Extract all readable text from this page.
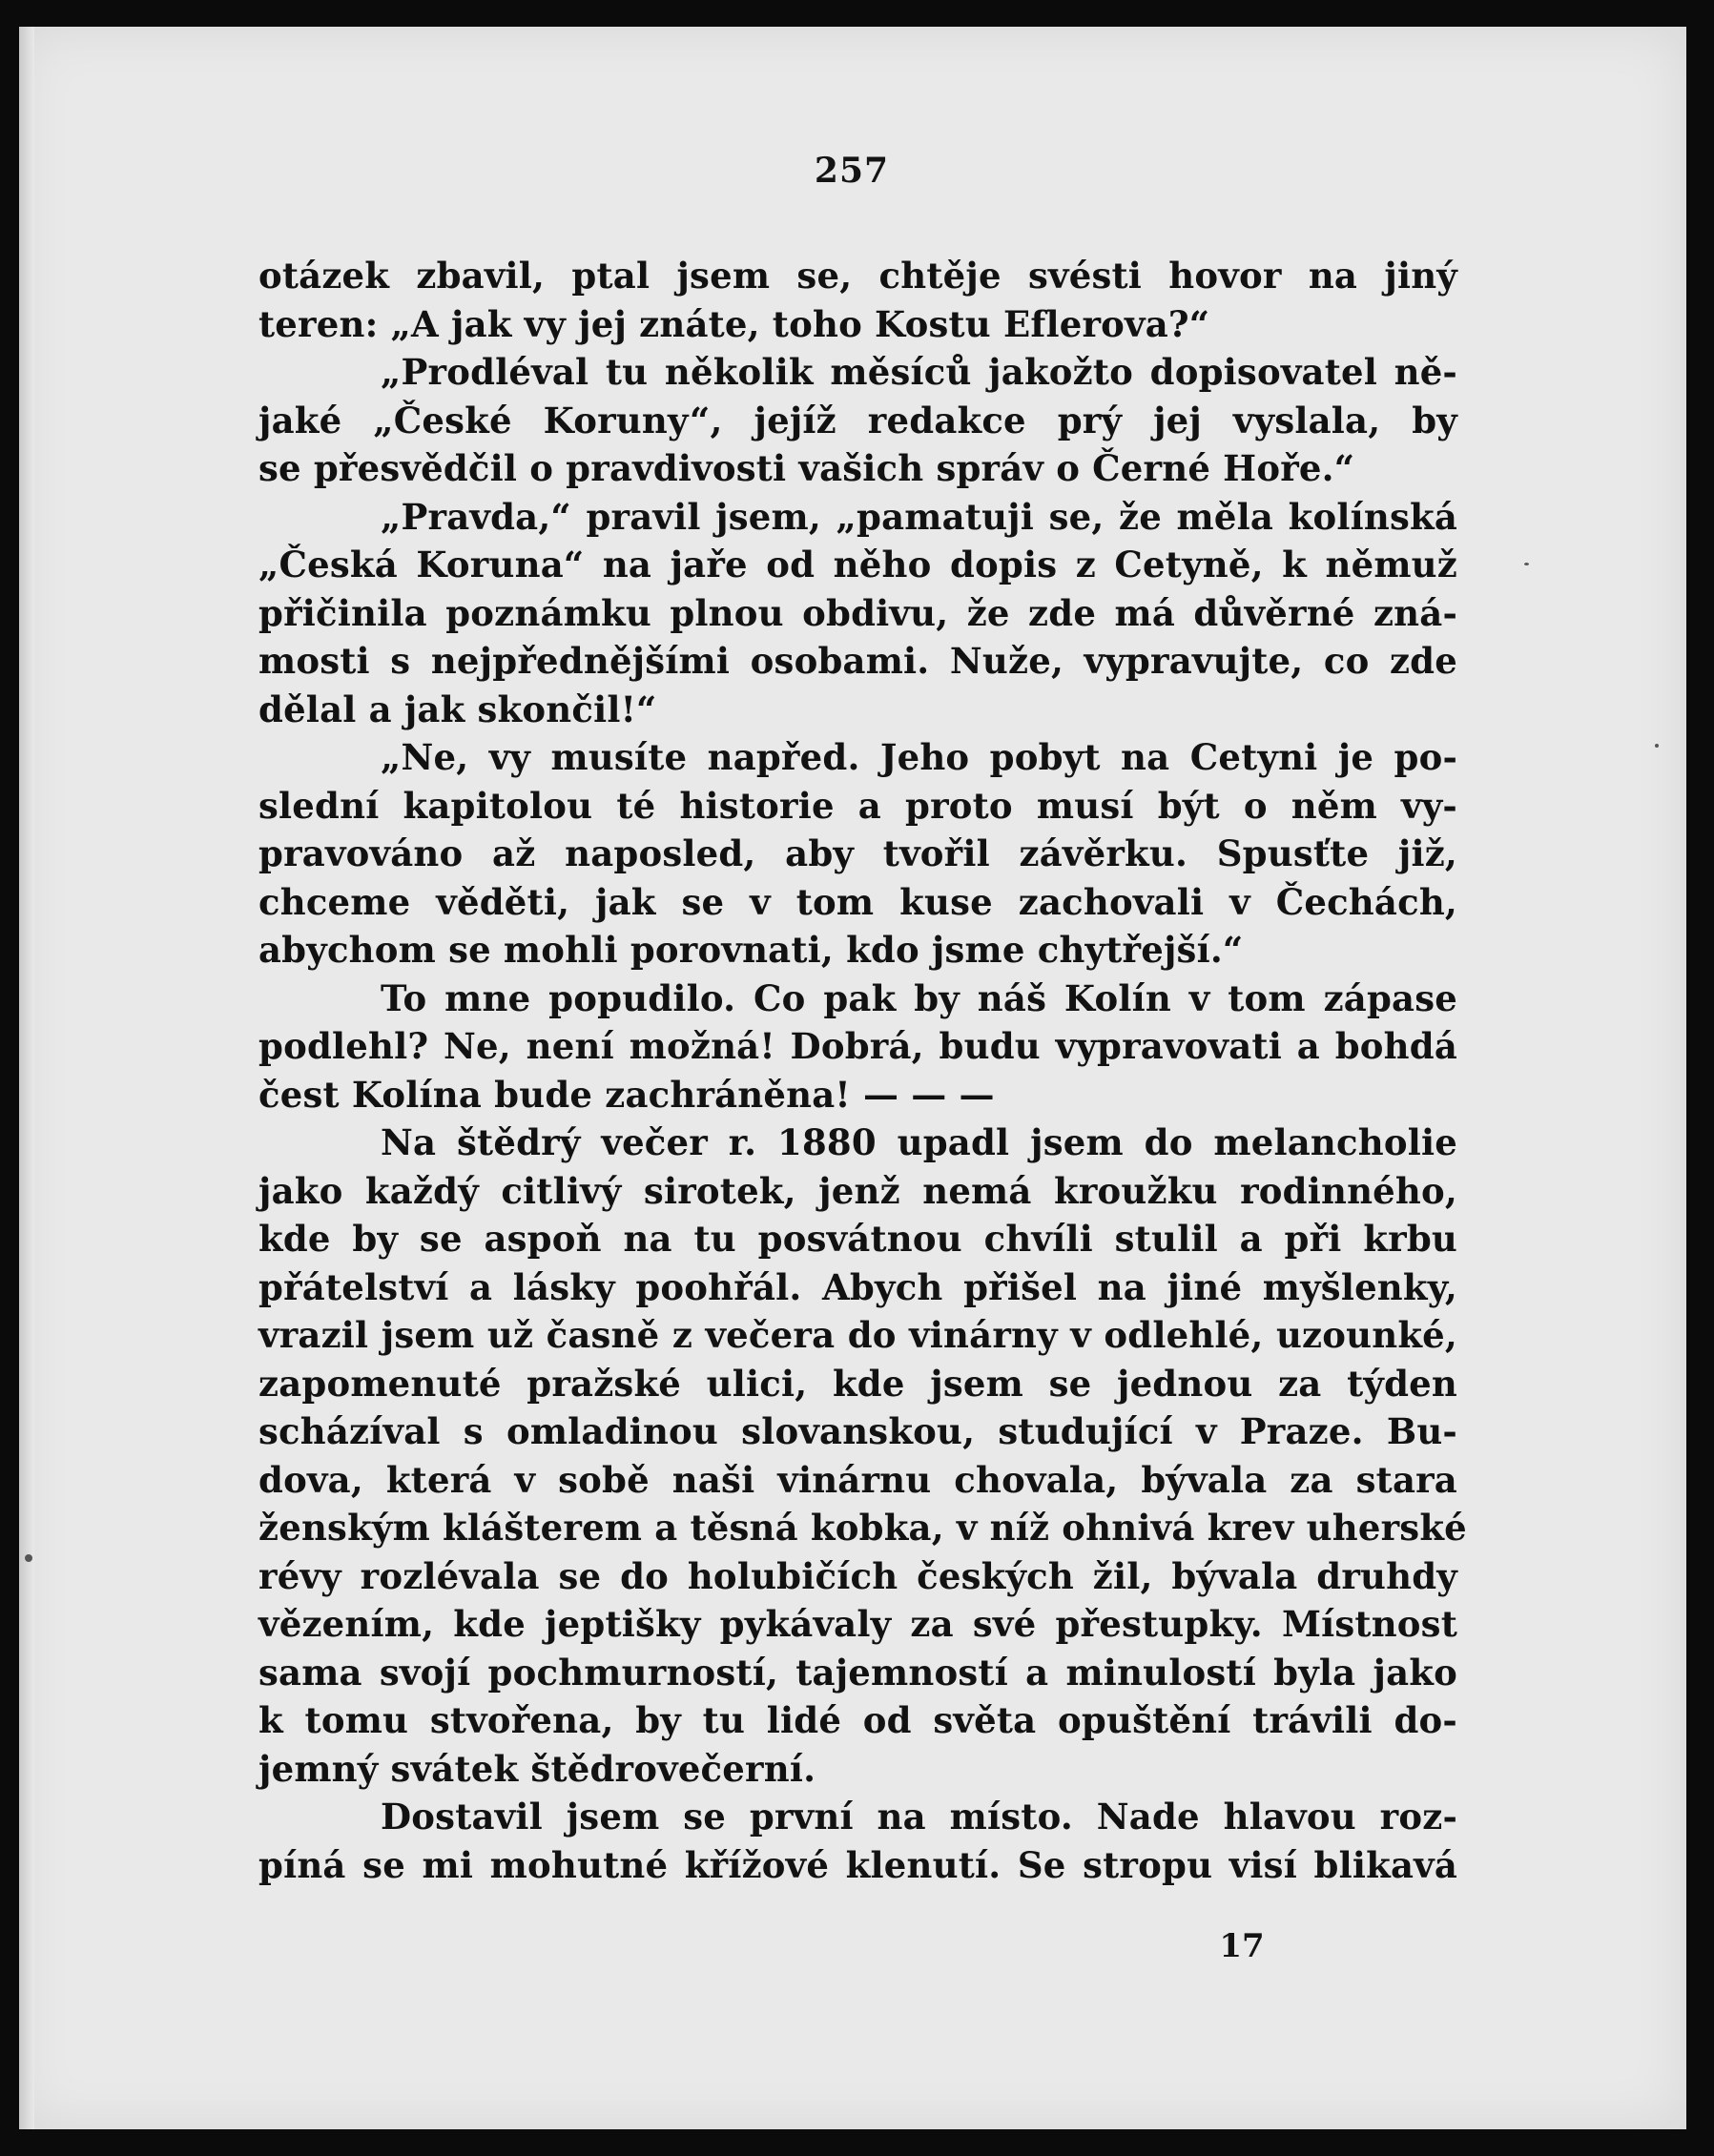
257
otázek zbavil, ptal jsem se, chtěje svésti hovor na jiný
teren: „A jak vy jej znáte, toho Kostu Eflerova?“
„Prodléval tu několik měsíců jakožto dopisovatel ně-
jaké „České Koruny“, jejíž redakce prý jej vyslala, by
se přesvědčil o pravdivosti vašich správ o Černé Hoře.“
„Pravda,“ pravil jsem, „pamatuji se, že měla kolínská
„Česká Koruna“ na jaře od něho dopis z Cetyně, k němuž
přičinila poznámku plnou obdivu, že zde má důvěrné zná-
mosti s nejpřednějšími osobami. Nuže, vypravujte, co zde
dělal a jak skončil!“
„Ne, vy musíte napřed. Jeho pobyt na Cetyni je po-
slední kapitolou té historie a proto musí být o něm vy-
pravováno až naposled, aby tvořil závěrku. Spusťte již,
chceme věděti, jak se v tom kuse zachovali v Čechách,
abychom se mohli porovnati, kdo jsme chytřejší.“
To mne popudilo. Co pak by náš Kolín v tom zápase
podlehl? Ne, není možná! Dobrá, budu vypravovati a bohdá
čest Kolína bude zachráněna! — — —
Na štědrý večer r. 1880 upadl jsem do melancholie
jako každý citlivý sirotek, jenž nemá kroužku rodinného,
kde by se aspoň na tu posvátnou chvíli stulil a při krbu
přátelství a lásky poohřál. Abych přišel na jiné myšlenky,
vrazil jsem už časně z večera do vinárny v odlehlé, uzounké,
zapomenuté pražské ulici, kde jsem se jednou za týden
scházíval s omladinou slovanskou, studující v Praze. Bu-
dova, která v sobě naši vinárnu chovala, bývala za stara
ženským klášterem a těsná kobka, v níž ohnivá krev uherské
révy rozlévala se do holubičích českých žil, bývala druhdy
vězením, kde jeptišky pykávaly za své přestupky. Místnost
sama svojí pochmurností, tajemností a minulostí byla jako
k tomu stvořena, by tu lidé od světa opuštění trávili do-
jemný svátek štědrovečerní.
Dostavil jsem se první na místo. Nade hlavou roz-
píná se mi mohutné křížové klenutí. Se stropu visí blikavá
17
